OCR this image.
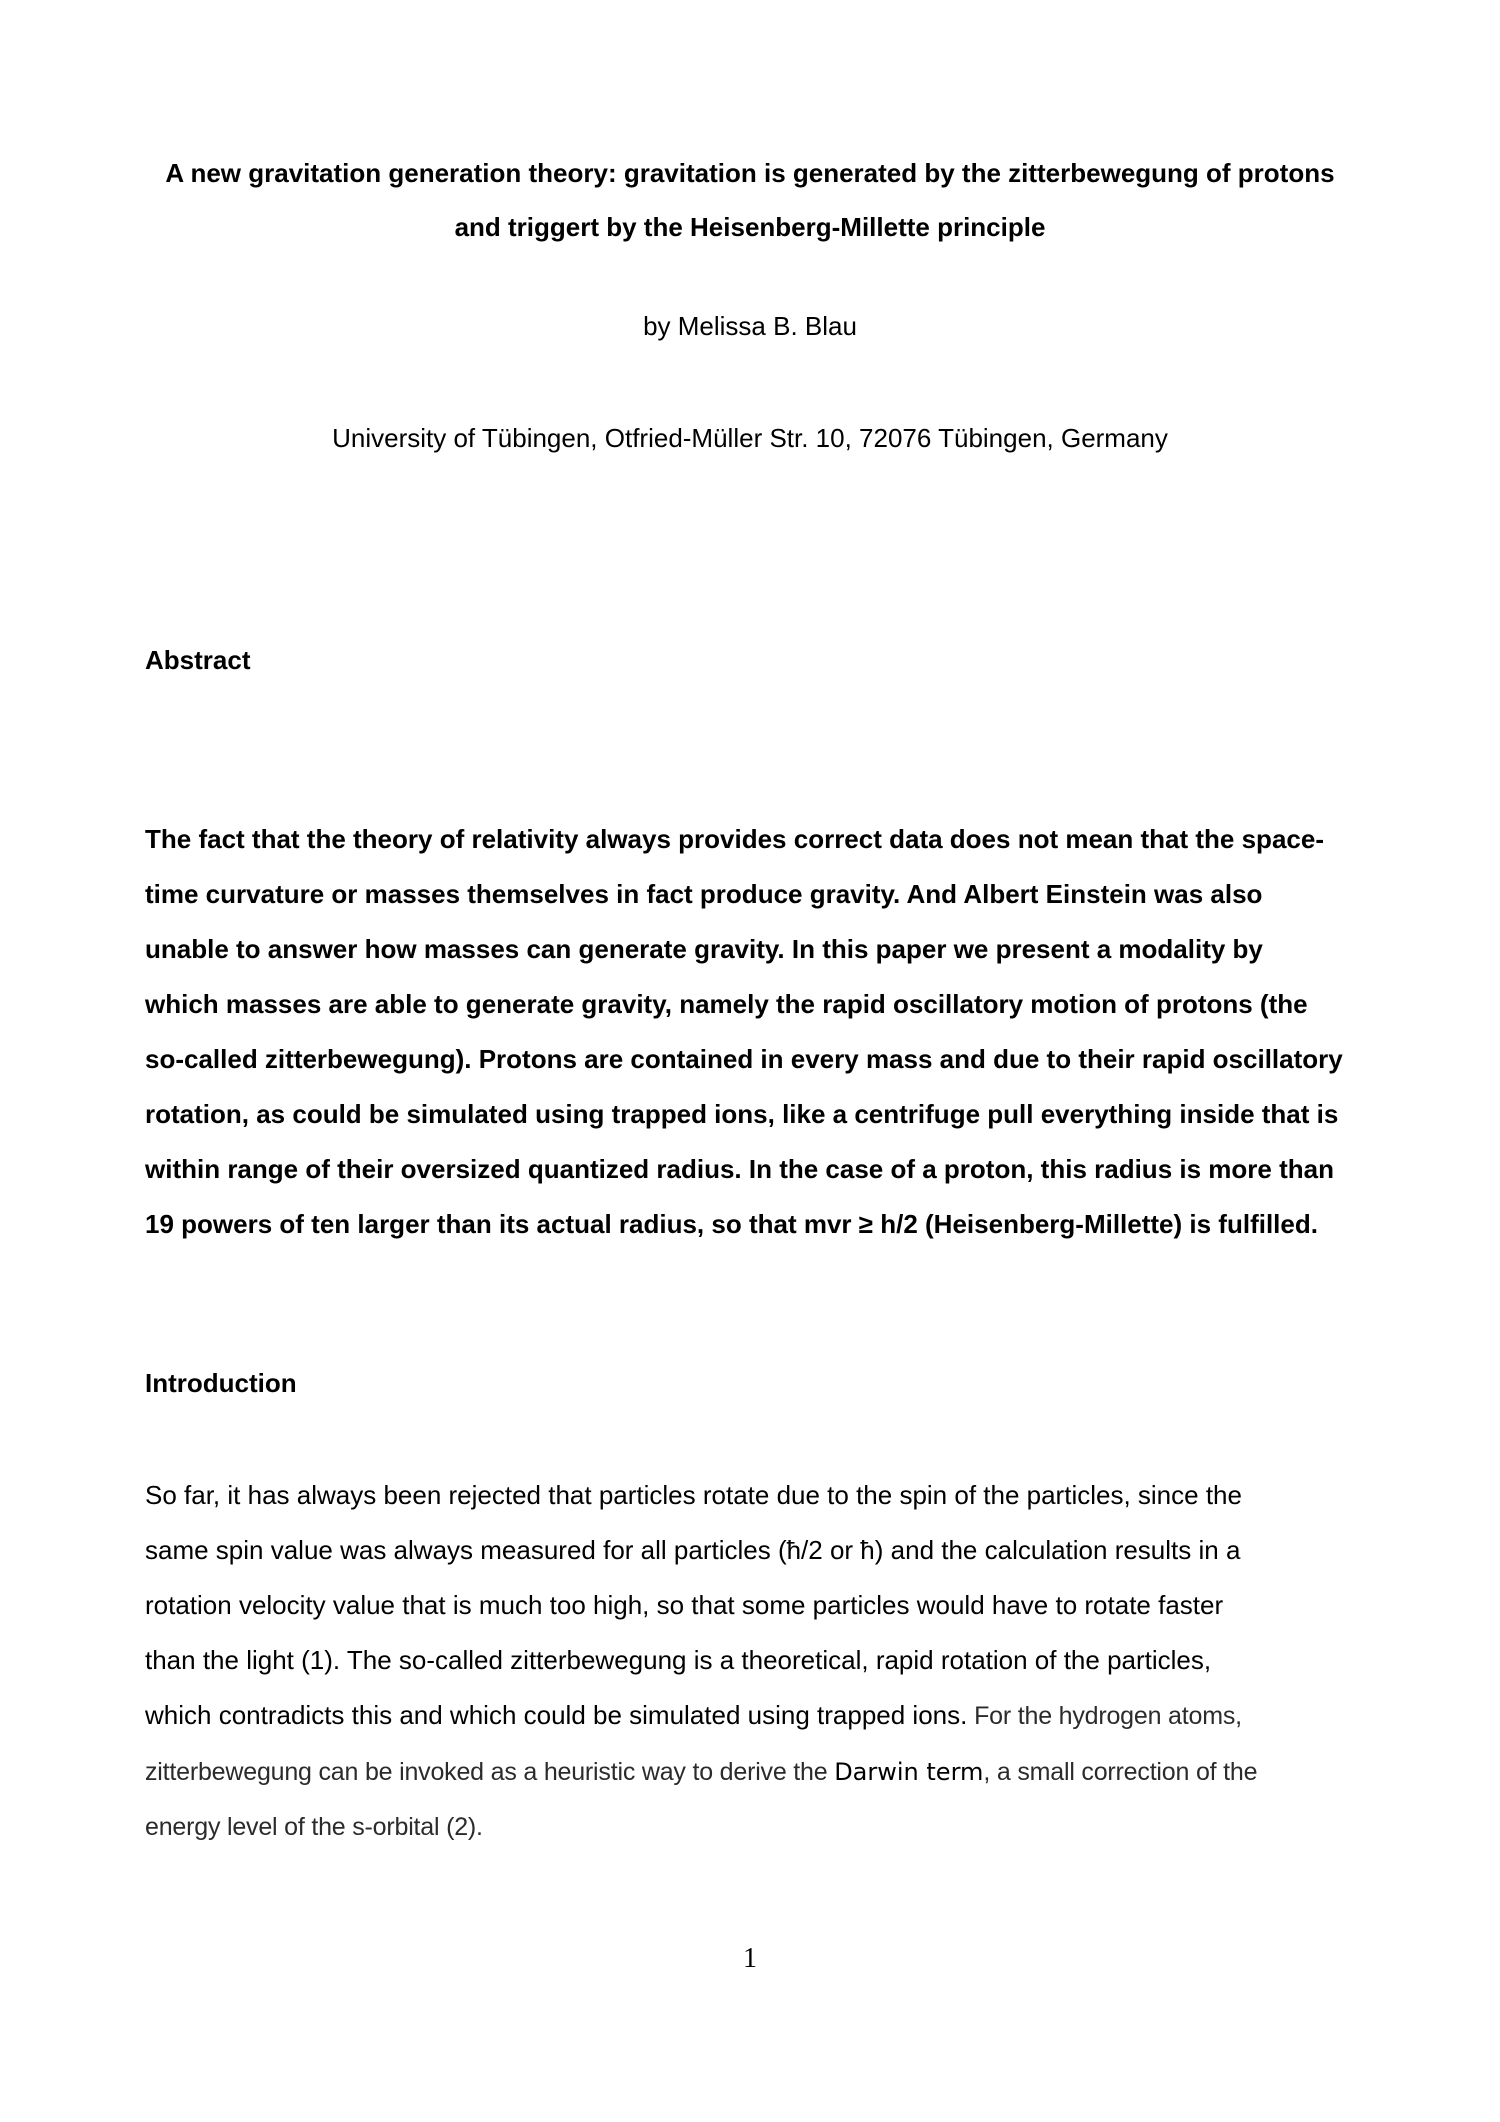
A new gravitation generation theory: gravitation is generated by the zitterbewegung of protons
and triggert by the Heisenberg-Millette principle
by Melissa B. Blau
University of Tübingen, Otfried-Müller Str. 10, 72076 Tübingen, Germany
Abstract
The fact that the theory of relativity always provides correct data does not mean that the space-
time curvature or masses themselves in fact produce gravity. And Albert Einstein was also
unable to answer how masses can generate gravity. In this paper we present a modality by
which masses are able to generate gravity, namely the rapid oscillatory motion of protons (the
so-called zitterbewegung). Protons are contained in every mass and due to their rapid oscillatory
rotation, as could be simulated using trapped ions, like a centrifuge pull everything inside that is
within range of their oversized quantized radius. In the case of a proton, this radius is more than
19 powers of ten larger than its actual radius, so that mvr ≥ h/2 (Heisenberg-Millette) is fulfilled.
Introduction
So far, it has always been rejected that particles rotate due to the spin of the particles, since the
same spin value was always measured for all particles (ħ/2 or ħ) and the calculation results in a
rotation velocity value that is much too high, so that some particles would have to rotate faster
than the light (1). The so-called zitterbewegung is a theoretical, rapid rotation of the particles,
which contradicts this and which could be simulated using trapped ions. For the hydrogen atoms,
zitterbewegung can be invoked as a heuristic way to derive the Darwin term, a small correction of the
energy level of the s-orbital (2).
1
